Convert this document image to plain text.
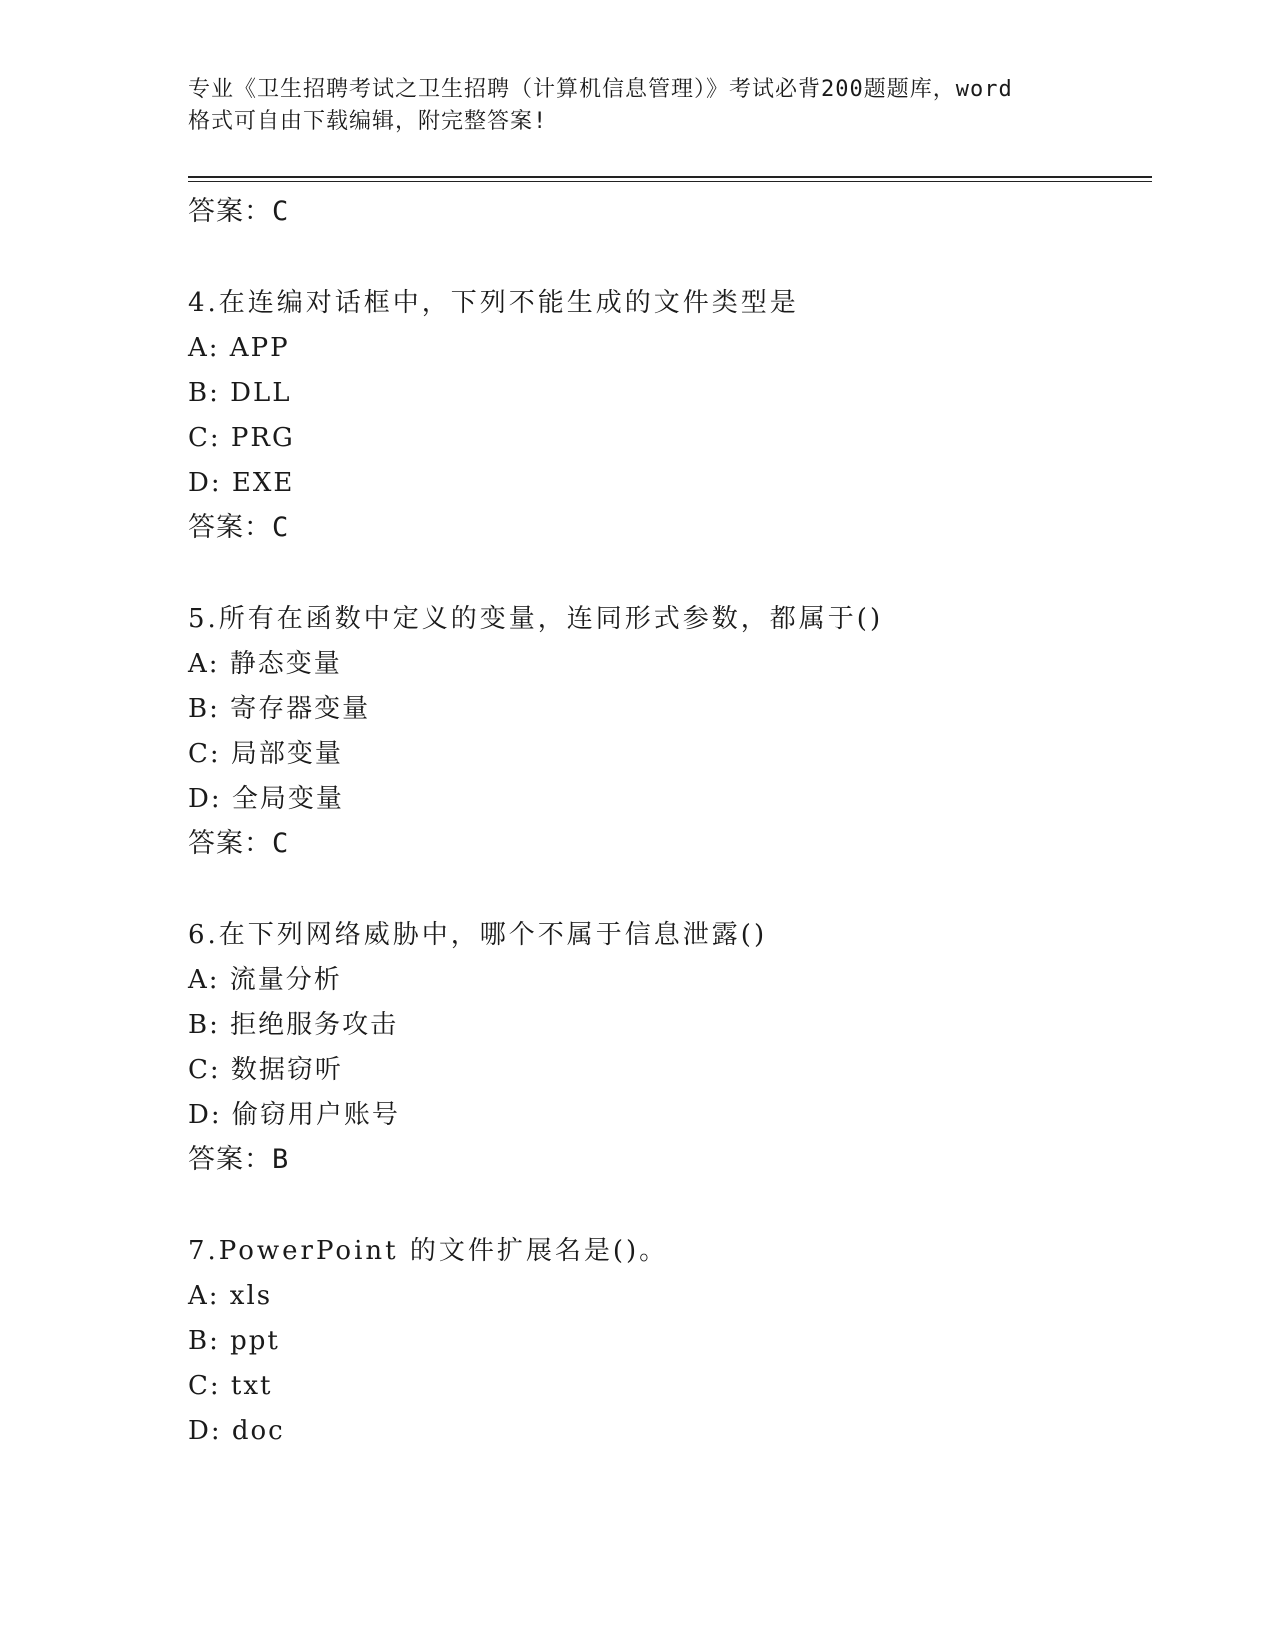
专业《卫生招聘考试之卫生招聘（计算机信息管理）》考试必背200题题库，word
格式可自由下载编辑，附完整答案!
答案：C
4.在连编对话框中，下列不能生成的文件类型是
A: APP
B: DLL
C: PRG
D: EXE
答案：C
5.所有在函数中定义的变量，连同形式参数，都属于()
A: 静态变量
B: 寄存器变量
C: 局部变量
D: 全局变量
答案：C
6.在下列网络威胁中，哪个不属于信息泄露()
A: 流量分析
B: 拒绝服务攻击
C: 数据窃听
D: 偷窃用户账号
答案：B
7.PowerPoint 的文件扩展名是()。
A: xls
B: ppt
C: txt
D: doc
